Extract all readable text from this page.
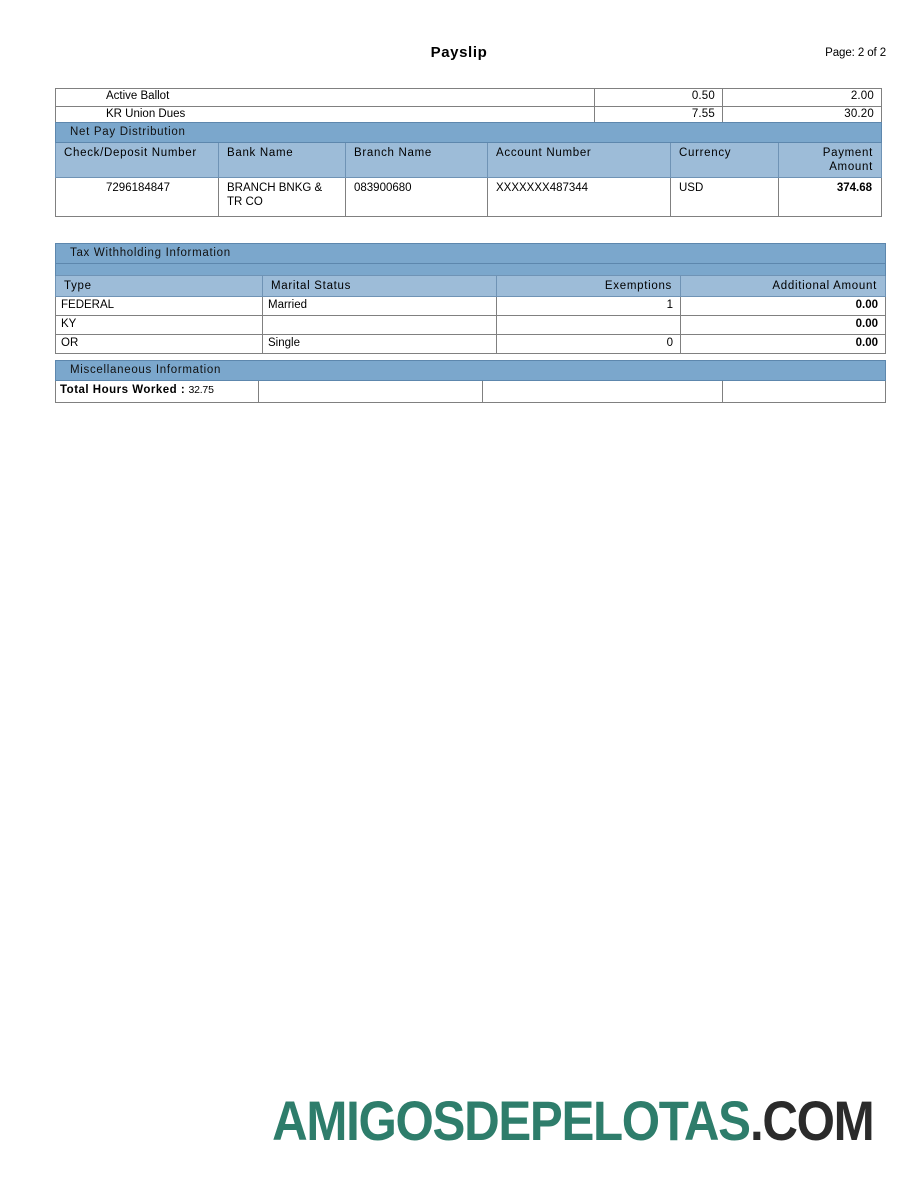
Payslip	Page: 2 of 2
Active Ballot	0.50	2.00
KR Union Dues	7.55	30.20
Net Pay Distribution					
Check/Deposit Number	Bank Name	Branch Name	Account Number	Currency	Payment Amount
7296184847	BRANCH BNKG & TR CO	083900680	XXXXXXX487344	USD	374.68
Tax Withholding Information			

Type	Marital Status	Exemptions	Additional Amount
FEDERAL	Married	1	0.00
KY			0.00
OR	Single	0	0.00
Miscellaneous Information
Total Hours Worked : 32.75			
AMIGOSDEPELOTAS.COM
